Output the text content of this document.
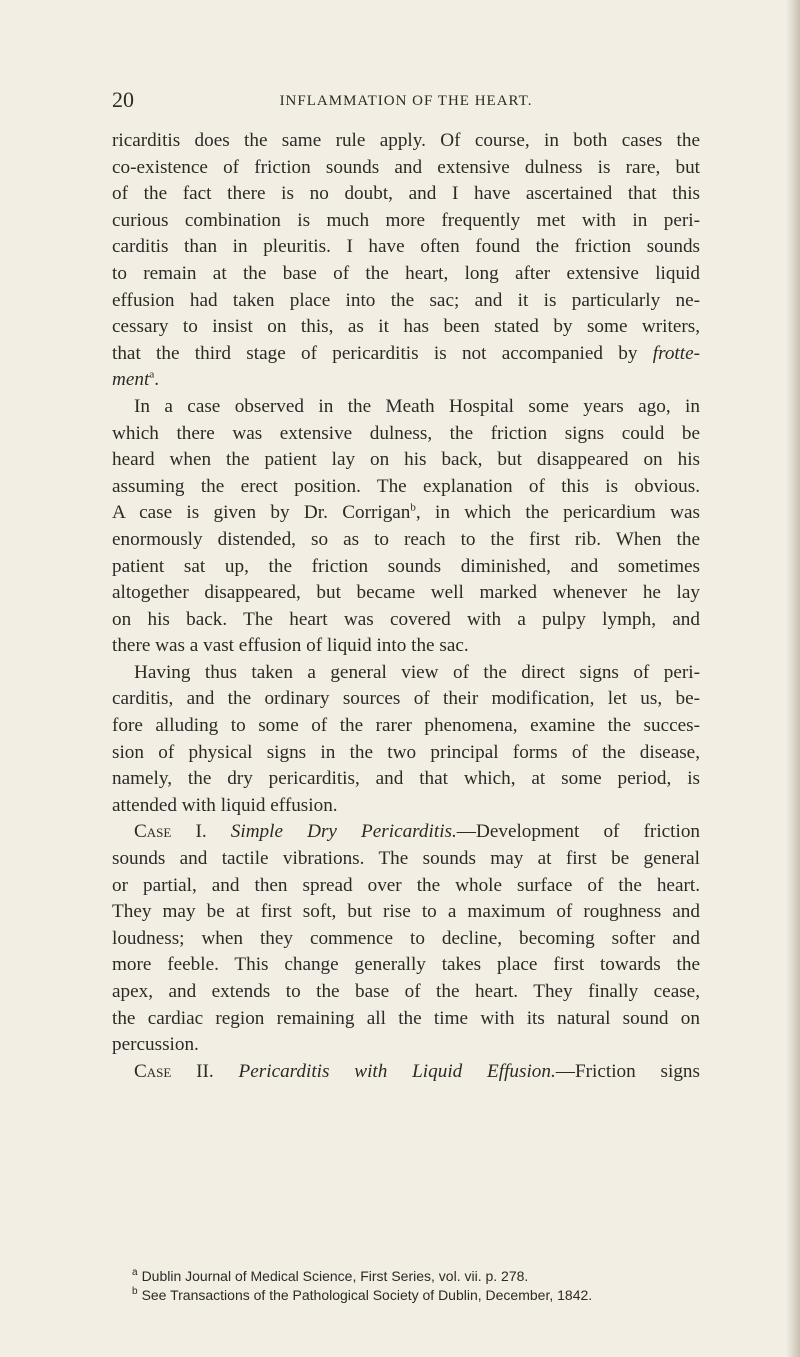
20	INFLAMMATION OF THE HEART.
ricarditis does the same rule apply. Of course, in both cases the
co-existence of friction sounds and extensive dulness is rare, but
of the fact there is no doubt, and I have ascertained that this
curious combination is much more frequently met with in peri-
carditis than in pleuritis. I have often found the friction sounds
to remain at the base of the heart, long after extensive liquid
effusion had taken place into the sac; and it is particularly ne-
cessary to insist on this, as it has been stated by some writers,
that the third stage of pericarditis is not accompanied by frotte-
ment$^a$.
In a case observed in the Meath Hospital some years ago, in
which there was extensive dulness, the friction signs could be
heard when the patient lay on his back, but disappeared on his
assuming the erect position. The explanation of this is obvious.
A case is given by Dr. Corrigan$^b$, in which the pericardium was
enormously distended, so as to reach to the first rib. When the
patient sat up, the friction sounds diminished, and sometimes
altogether disappeared, but became well marked whenever he lay
on his back. The heart was covered with a pulpy lymph, and
there was a vast effusion of liquid into the sac.
Having thus taken a general view of the direct signs of peri-
carditis, and the ordinary sources of their modification, let us, be-
fore alluding to some of the rarer phenomena, examine the succes-
sion of physical signs in the two principal forms of the disease,
namely, the dry pericarditis, and that which, at some period, is
attended with liquid effusion.
Case I. Simple Dry Pericarditis.—Development of friction
sounds and tactile vibrations. The sounds may at first be general
or partial, and then spread over the whole surface of the heart.
They may be at first soft, but rise to a maximum of roughness and
loudness; when they commence to decline, becoming softer and
more feeble. This change generally takes place first towards the
apex, and extends to the base of the heart. They finally cease,
the cardiac region remaining all the time with its natural sound on
percussion.
Case II. Pericarditis with Liquid Effusion.—Friction signs
$^a$ Dublin Journal of Medical Science, First Series, vol. vii. p. 278.
$^b$ See Transactions of the Pathological Society of Dublin, December, 1842.
